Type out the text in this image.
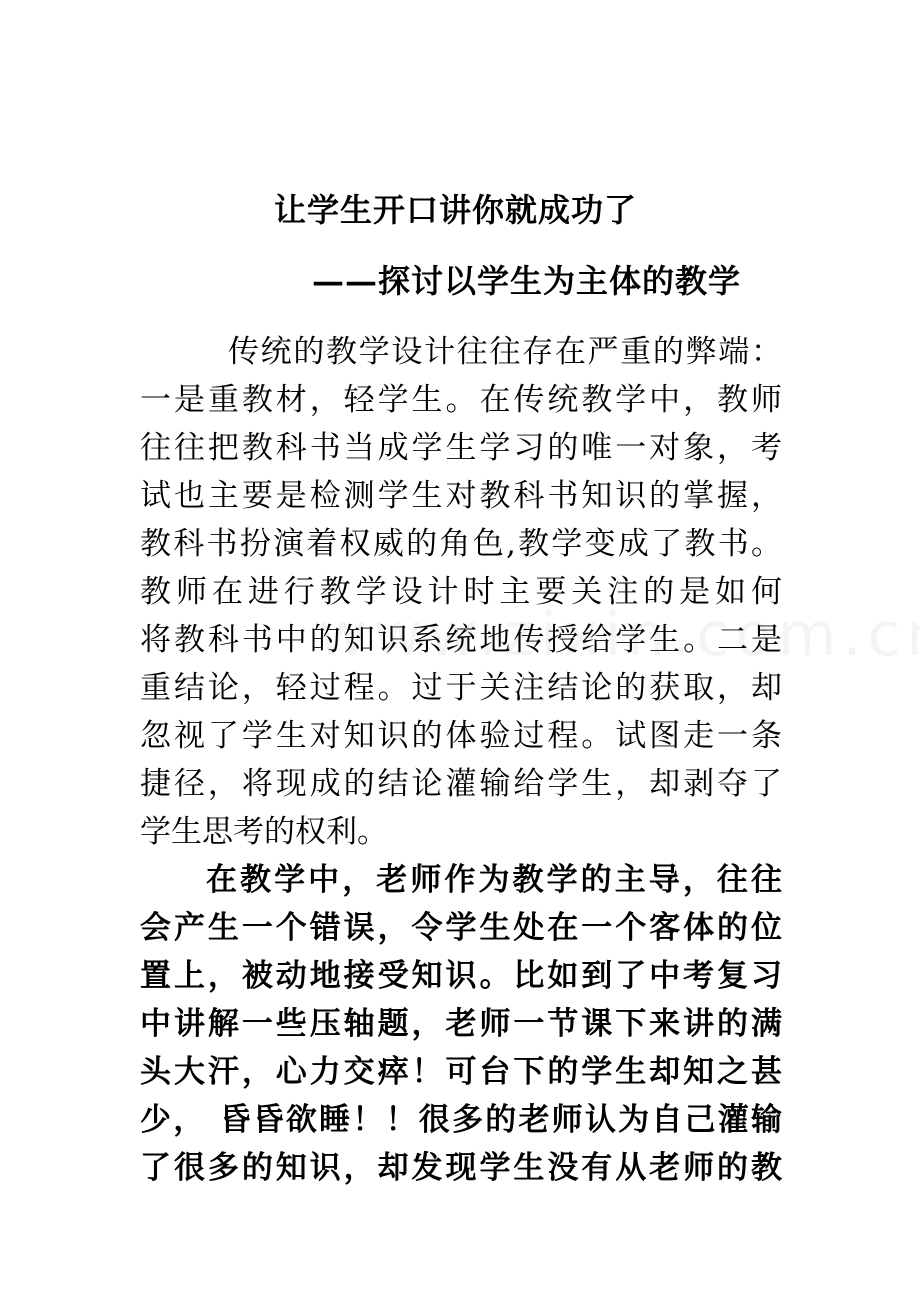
让学生开口讲你就成功了
——探讨以学生为主体的教学
传统的教学设计往往存在严重的弊端：
一是重教材，轻学生。在传统教学中，教师
往往把教科书当成学生学习的唯一对象，考
试也主要是检测学生对教科书知识的掌握，
教科书扮演着权威的角色,教学变成了教书。
教师在进行教学设计时主要关注的是如何
将教科书中的知识系统地传授给学生。二是
重结论，轻过程。过于关注结论的获取，却
忽视了学生对知识的体验过程。试图走一条
捷径，将现成的结论灌输给学生，却剥夺了
学生思考的权利。
在教学中，老师作为教学的主导，往往
会产生一个错误，令学生处在一个客体的位
置上，被动地接受知识。比如到了中考复习
中讲解一些压轴题，老师一节课下来讲的满
头大汗，心力交瘁！可台下的学生却知之甚
少， 昏昏欲睡！！很多的老师认为自己灌输
了很多的知识，却发现学生没有从老师的教
